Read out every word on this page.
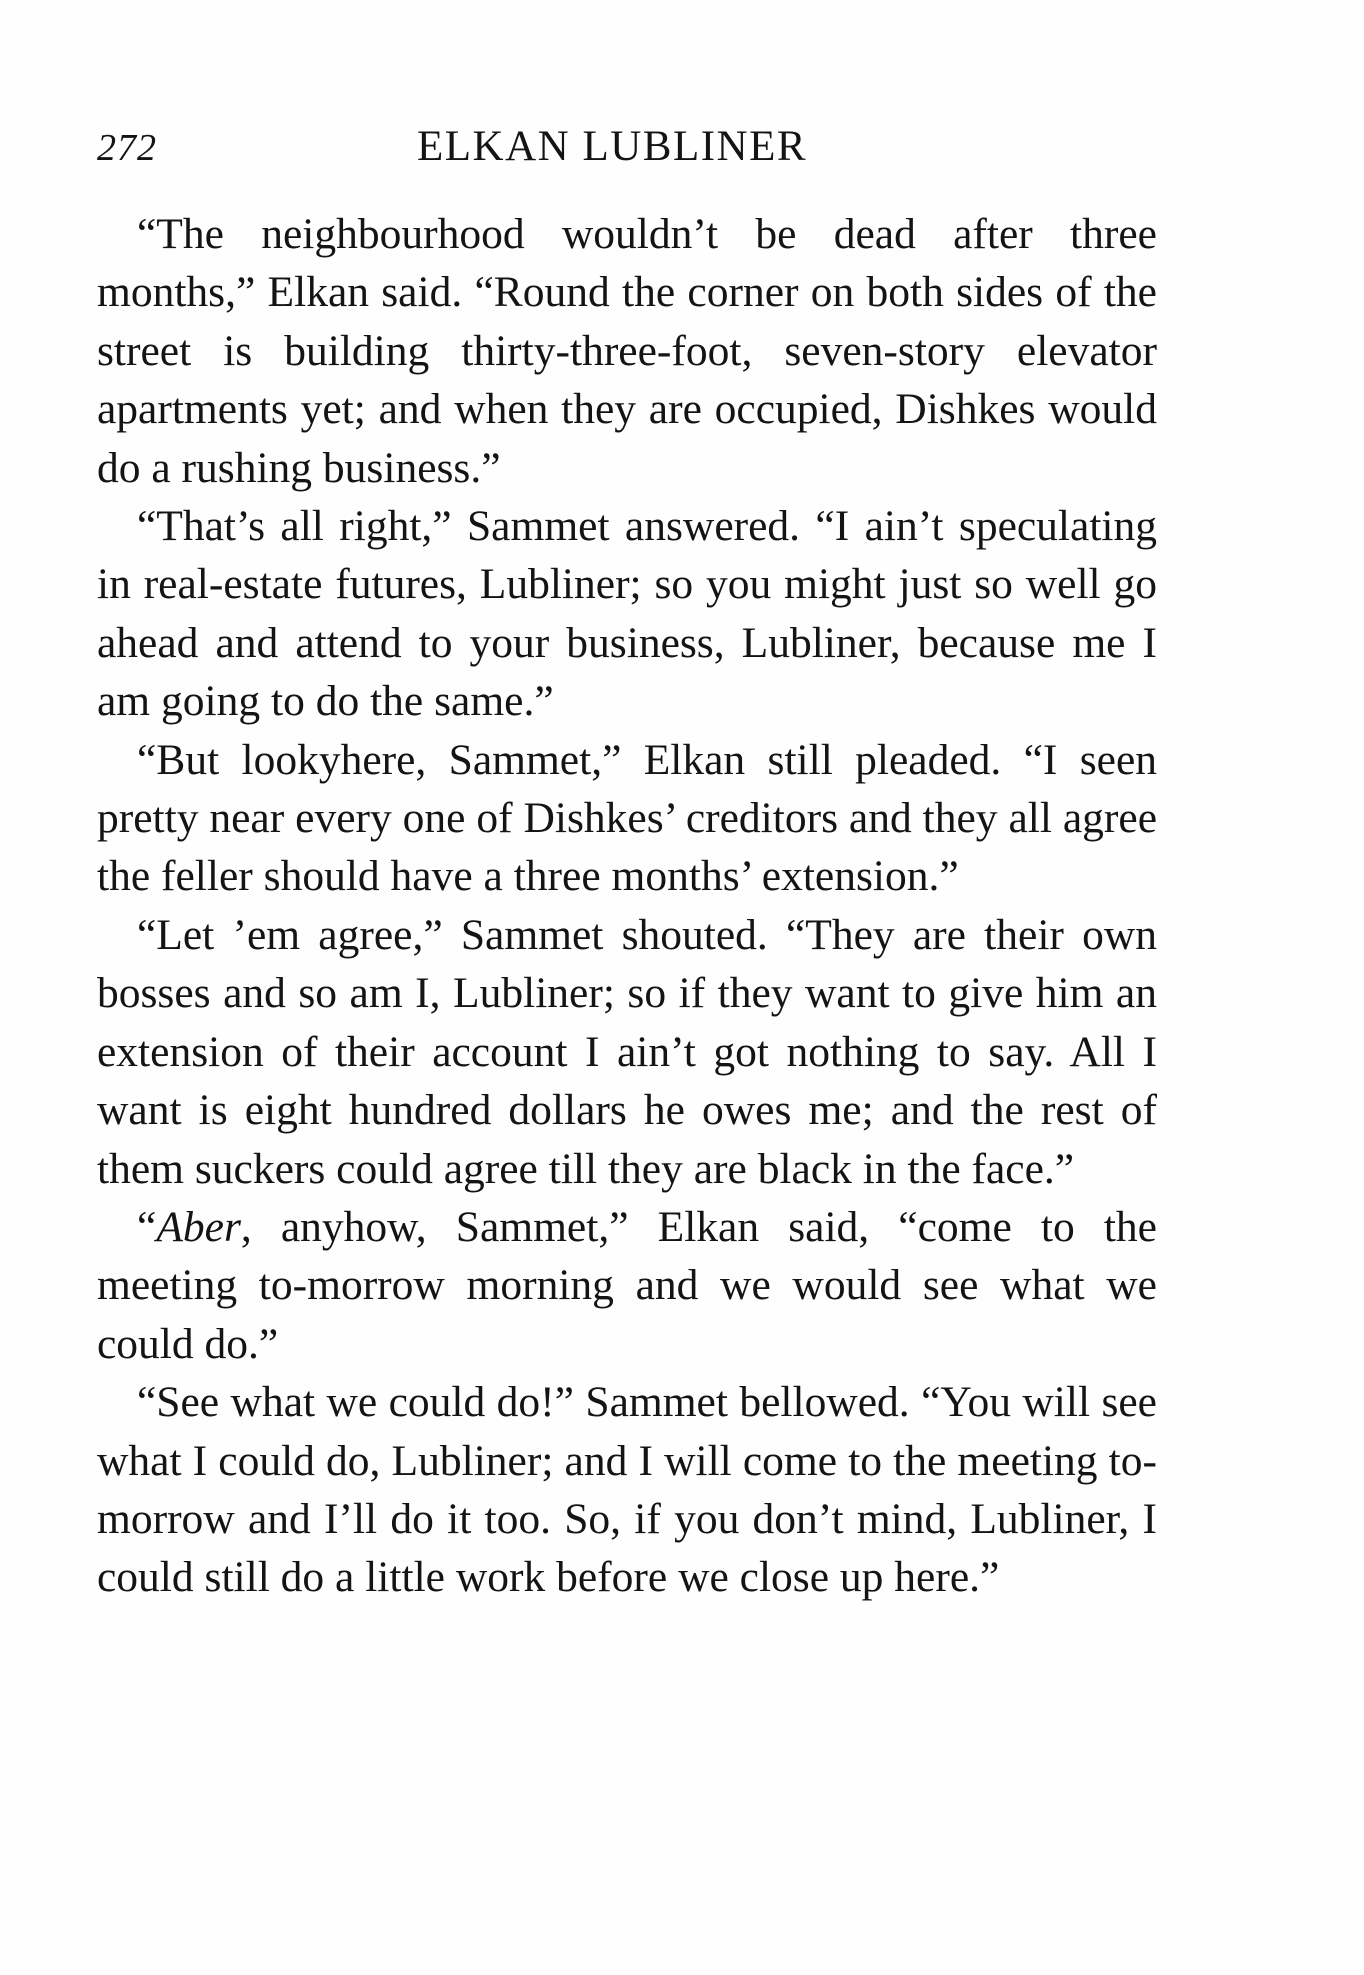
272	ELKAN LUBLINER

“The neighbourhood wouldn’t be dead after three months,” Elkan said. “Round the corner on both sides of the street is building thirty-three-foot, seven-story elevator apartments yet; and when they are occupied, Dishkes would do a rushing business.”

“That’s all right,” Sammet answered. “I ain’t speculating in real-estate futures, Lubliner; so you might just so well go ahead and attend to your business, Lubliner, because me I am going to do the same.”

“But lookyhere, Sammet,” Elkan still pleaded. “I seen pretty near every one of Dishkes’ creditors and they all agree the feller should have a three months’ extension.”

“Let ’em agree,” Sammet shouted. “They are their own bosses and so am I, Lubliner; so if they want to give him an extension of their account I ain’t got nothing to say. All I want is eight hundred dollars he owes me; and the rest of them suckers could agree till they are black in the face.”

“Aber, anyhow, Sammet,” Elkan said, “come to the meeting to-morrow morning and we would see what we could do.”

“See what we could do!” Sammet bellowed. “You will see what I could do, Lubliner; and I will come to the meeting to-morrow and I’ll do it too. So, if you don’t mind, Lubliner, I could still do a little work before we close up here.”
